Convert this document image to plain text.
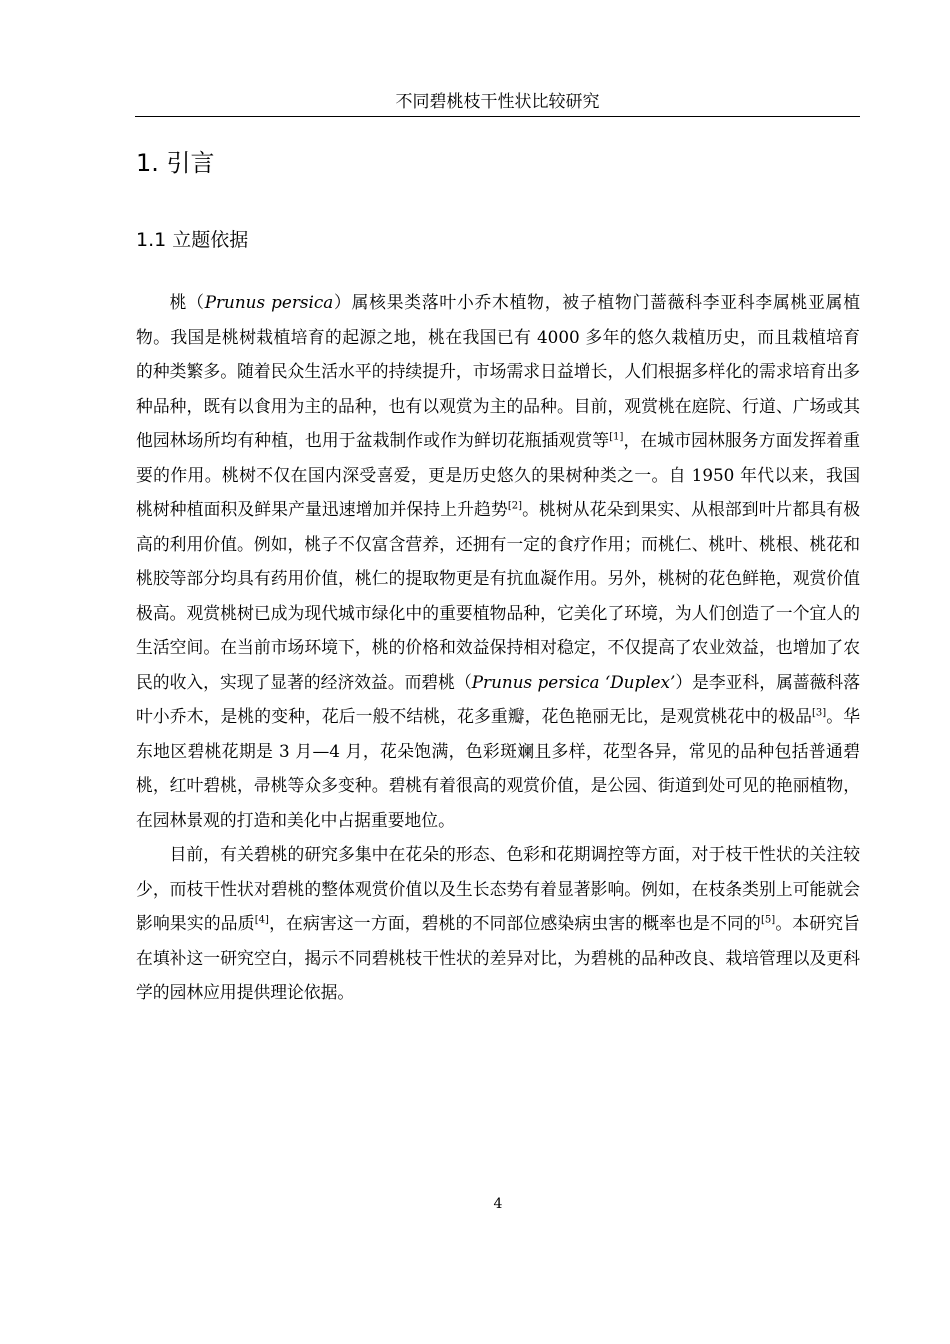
不同碧桃枝干性状比较研究
1. 引言
1.1 立题依据

桃（Prunus persica）属核果类落叶小乔木植物，被子植物门蔷薇科李亚科李属桃亚属植物。我国是桃树栽植培育的起源之地，桃在我国已有 4000 多年的悠久栽植历史，而且栽植培育的种类繁多。随着民众生活水平的持续提升，市场需求日益增长，人们根据多样化的需求培育出多种品种，既有以食用为主的品种，也有以观赏为主的品种。目前，观赏桃在庭院、行道、广场或其他园林场所均有种植，也用于盆栽制作或作为鲜切花瓶插观赏等[1]，在城市园林服务方面发挥着重要的作用。桃树不仅在国内深受喜爱，更是历史悠久的果树种类之一。自 1950 年代以来，我国桃树种植面积及鲜果产量迅速增加并保持上升趋势[2]。桃树从花朵到果实、从根部到叶片都具有极高的利用价值。例如，桃子不仅富含营养，还拥有一定的食疗作用；而桃仁、桃叶、桃根、桃花和桃胶等部分均具有药用价值，桃仁的提取物更是有抗血凝作用。另外，桃树的花色鲜艳，观赏价值极高。观赏桃树已成为现代城市绿化中的重要植物品种，它美化了环境，为人们创造了一个宜人的生活空间。在当前市场环境下，桃的价格和效益保持相对稳定，不仅提高了农业效益，也增加了农民的收入，实现了显著的经济效益。而碧桃（Prunus persica ‘Duplex’）是李亚科，属蔷薇科落叶小乔木，是桃的变种，花后一般不结桃，花多重瓣，花色艳丽无比，是观赏桃花中的极品[3]。华东地区碧桃花期是 3 月—4 月，花朵饱满，色彩斑斓且多样，花型各异，常见的品种包括普通碧桃，红叶碧桃，帚桃等众多变种。碧桃有着很高的观赏价值，是公园、街道到处可见的艳丽植物，在园林景观的打造和美化中占据重要地位。

目前，有关碧桃的研究多集中在花朵的形态、色彩和花期调控等方面，对于枝干性状的关注较少，而枝干性状对碧桃的整体观赏价值以及生长态势有着显著影响。例如，在枝条类别上可能就会影响果实的品质[4]，在病害这一方面，碧桃的不同部位感染病虫害的概率也是不同的[5]。本研究旨在填补这一研究空白，揭示不同碧桃枝干性状的差异对比，为碧桃的品种改良、栽培管理以及更科学的园林应用提供理论依据。

4
